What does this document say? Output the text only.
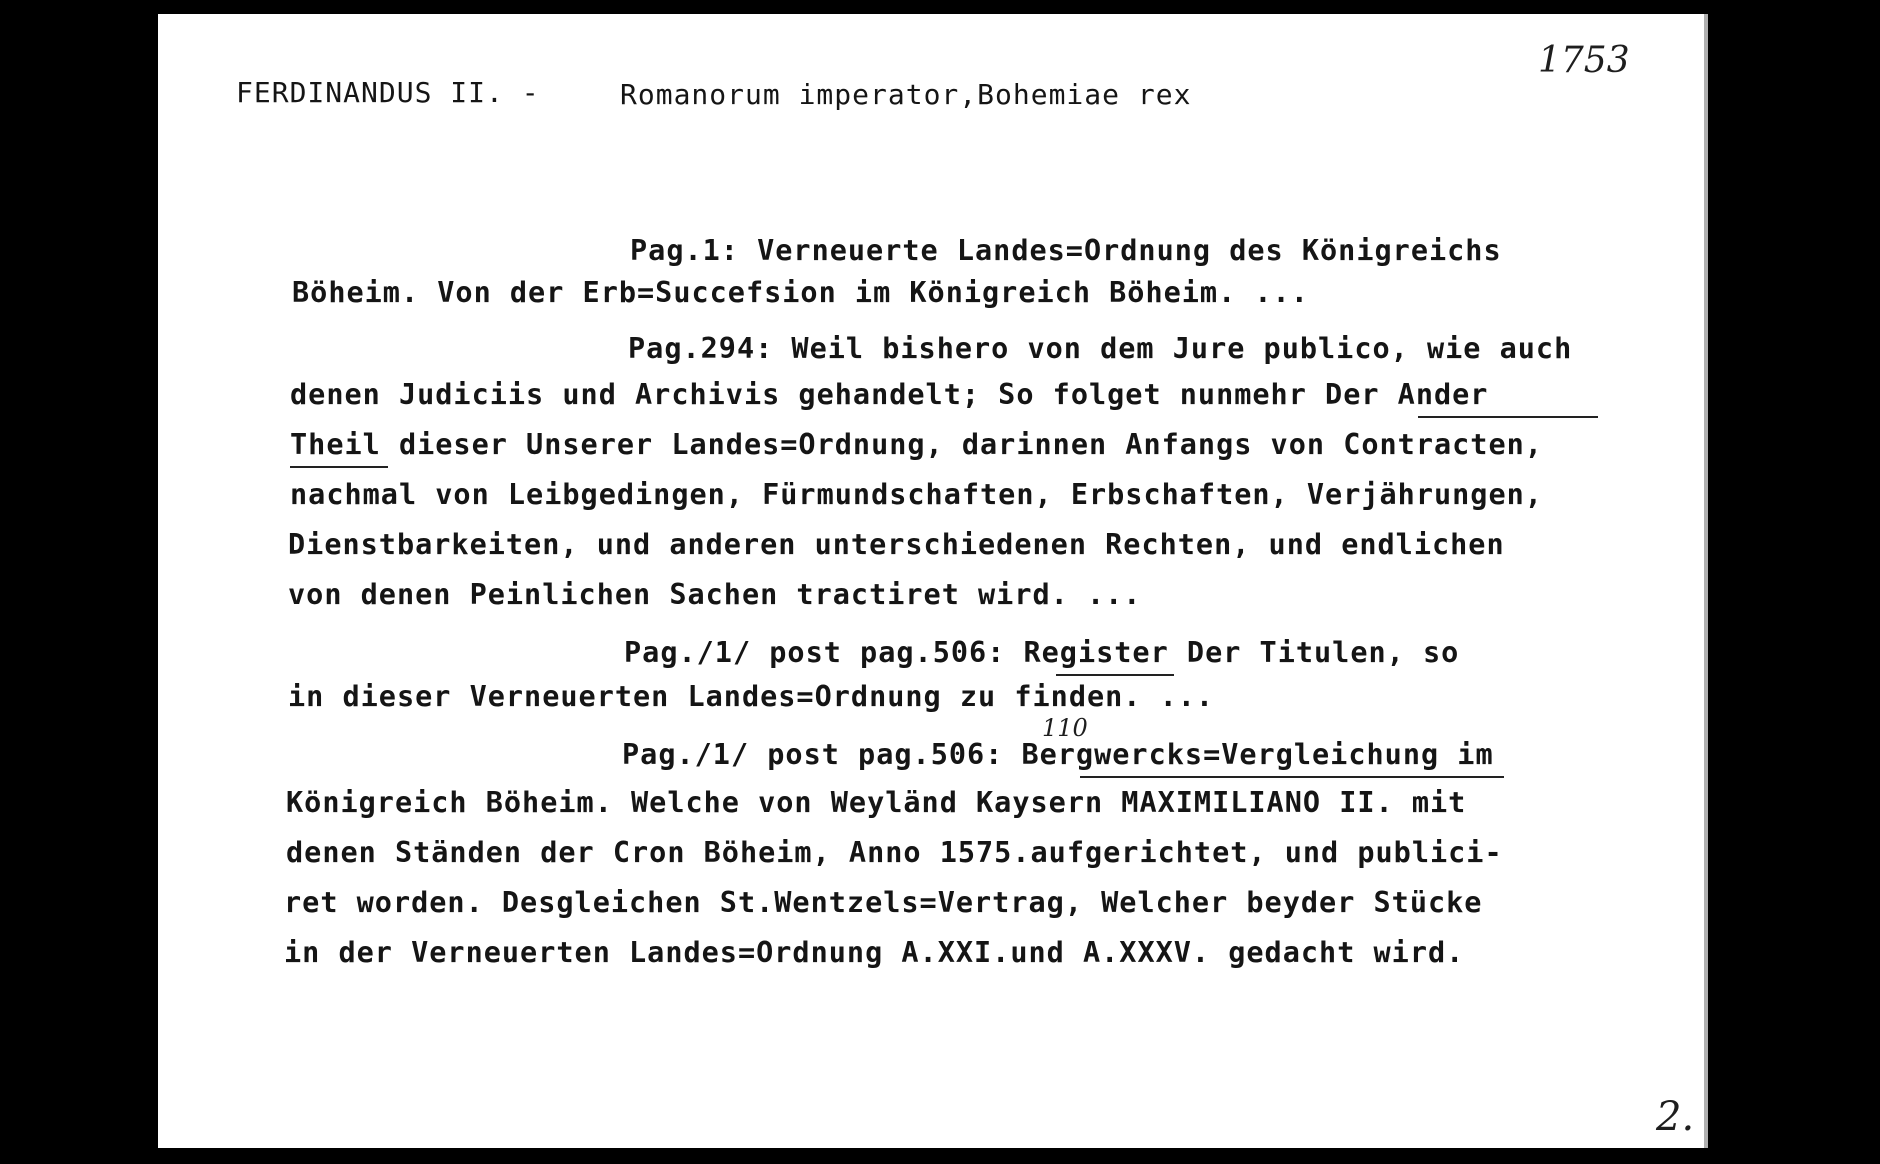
FERDINANDUS II. -	Romanorum imperator,Bohemiae rex
1753
2.
110
Pag.1: Verneuerte Landes=Ordnung des Königreichs
Böheim. Von der Erb=Succefsion im Königreich Böheim. ...
Pag.294: Weil bishero von dem Jure publico, wie auch
denen Judiciis und Archivis gehandelt; So folget nunmehr Der Ander
Theil dieser Unserer Landes=Ordnung, darinnen Anfangs von Contracten,
nachmal von Leibgedingen, Fürmundschaften, Erbschaften, Verjährungen,
Dienstbarkeiten, und anderen unterschiedenen Rechten, und endlichen
von denen Peinlichen Sachen tractiret wird. ...
Pag./1/ post pag.506: Register Der Titulen, so
in dieser Verneuerten Landes=Ordnung zu finden. ...
Pag./1/ post pag.506: Bergwercks=Vergleichung im
Königreich Böheim. Welche von Weyländ Kaysern MAXIMILIANO II. mit
denen Ständen der Cron Böheim, Anno 1575.aufgerichtet, und publici-
ret worden. Desgleichen St.Wentzels=Vertrag, Welcher beyder Stücke
in der Verneuerten Landes=Ordnung A.XXI.und A.XXXV. gedacht wird.
